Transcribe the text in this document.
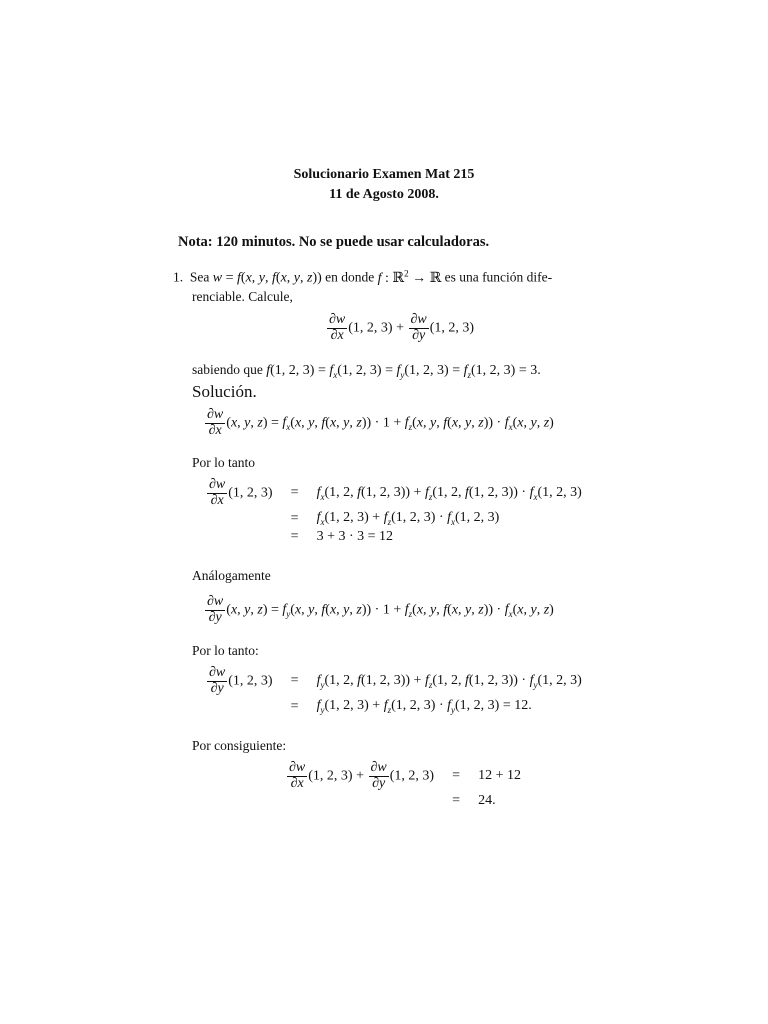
Solucionario Examen Mat 215
11 de Agosto 2008.
Nota: 120 minutos. No se puede usar calculadoras.
1.  Sea w = f(x, y, f(x, y, z)) en donde f : ℝ$^2$ → ℝ es una función dife-
renciable. Calcule,
$\frac{\partial w}{\partial x} (1$, 2, $3) + \frac{\partial w}{\partial y} (1$, 2, 3)
sabiendo que f(1, 2, $3) = f_x(1$, 2, $3) = f_y(1$, 2, $3) = f_z(1$, 2, 3) = 3.
Solución.
$\frac{\partial w}{\partial x} (x$, y, $z) = f_x(x$, y, f(x, y, $z)) \cdot 1 + f_z(x$, y, f(x, y, $z)) \cdot f_x(x$, y, z)
Por lo tanto
$\frac{\partial w}{\partial x} (1$, 2, 3)	=	$f_x(1$, 2, f(1, 2, $3)) + f_z(1$, 2, f(1, 2, $3)) \cdot f_x(1$, 2, 3)
=	$f_x(1$, 2, $3) + f_z(1$, 2, $3) \cdot f_x(1$, 2, 3)
=	3 + 3 · 3 = 12
Análogamente
$\frac{\partial w}{\partial y} (x$, y, $z) = f_y(x$, y, f(x, y, $z)) \cdot 1 + f_z(x$, y, f(x, y, $z)) \cdot f_x(x$, y, z)
Por lo tanto:
$\frac{\partial w}{\partial y} (1$, 2, 3)	=	$f_y(1$, 2, f(1, 2, $3)) + f_z(1$, 2, f(1, 2, $3)) \cdot f_y(1$, 2, 3)
=	$f_y(1$, 2, $3) + f_z(1$, 2, $3) \cdot f_y(1$, 2, 3) = 12.
Por consiguiente:
$\frac{\partial w}{\partial x} (1$, 2, $3) + \frac{\partial w}{\partial y} (1$, 2, 3)	=	12 + 12
=	24.
